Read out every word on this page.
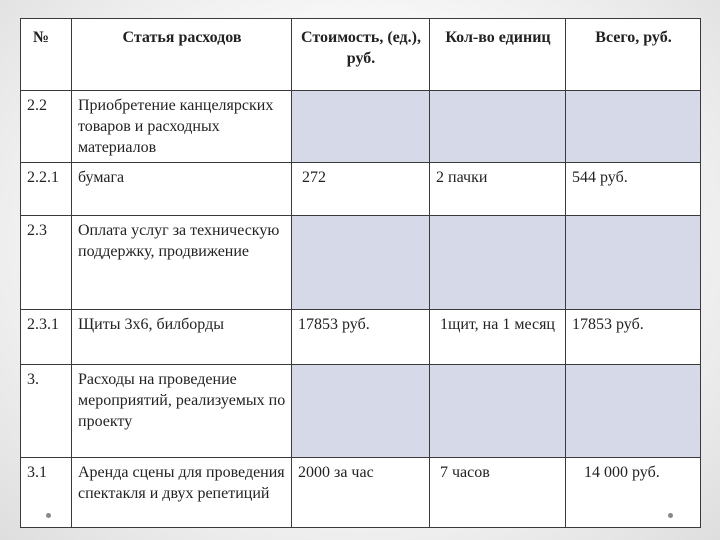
№	Статья расходов	Стоимость, (ед.), руб.	Кол-во единиц	Всего, руб.
2.2	Приобретение канцелярских товаров и расходных материалов			
2.2.1	бумага	272	2 пачки	544 руб.
2.3	Оплата услуг за техническую поддержку, продвижение			
2.3.1	Щиты 3х6, билборды	17853 руб.	1щит, на 1 месяц	17853 руб.
3.	Расходы на проведение мероприятий, реализуемых по проекту			
3.1	Аренда сцены для проведения спектакля и двух репетиций	2000 за час	7 часов	14 000 руб.
